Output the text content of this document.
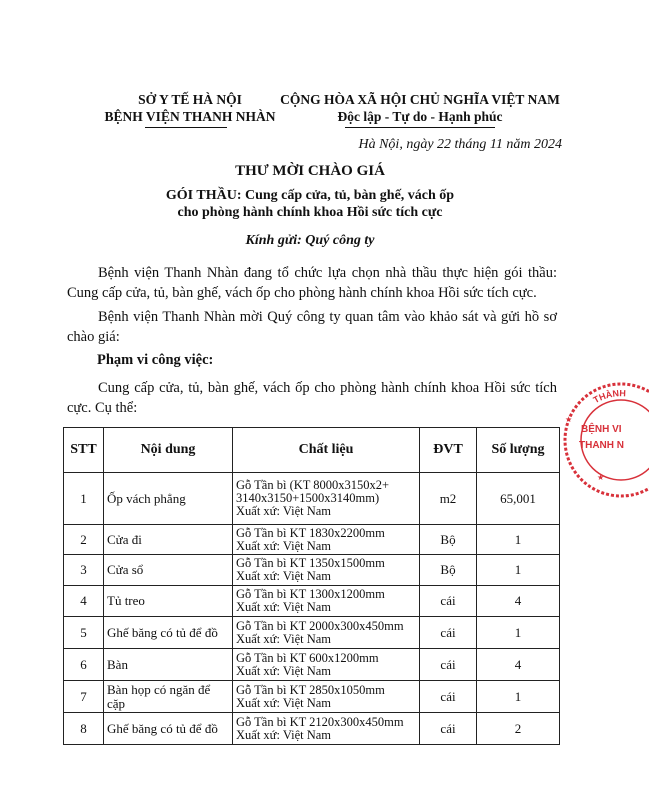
SỞ Y TẾ HÀ NỘI
BỆNH VIỆN THANH NHÀN
CỘNG HÒA XÃ HỘI CHỦ NGHĨA VIỆT NAM
Độc lập - Tự do - Hạnh phúc
Hà Nội, ngày 22 tháng 11 năm 2024
THƯ MỜI CHÀO GIÁ
GÓI THẦU: Cung cấp cửa, tủ, bàn ghế, vách ốp
cho phòng hành chính khoa Hồi sức tích cực
Kính gửi: Quý công ty
Bệnh viện Thanh Nhàn đang tổ chức lựa chọn nhà thầu thực hiện gói thầu: Cung cấp cửa, tủ, bàn ghế, vách ốp cho phòng hành chính khoa Hồi sức tích cực.
Bệnh viện Thanh Nhàn mời Quý công ty quan tâm vào khảo sát và gửi hồ sơ chào giá:
Phạm vi công việc:
Cung cấp cửa, tủ, bàn ghế, vách ốp cho phòng hành chính khoa Hồi sức tích cực. Cụ thể:
STT	Nội dung	Chất liệu	ĐVT	Số lượng
1	Ốp vách phẳng	Gỗ Tần bì (KT 8000x3150x2+
3140x3150+1500x3140mm)
Xuất xứ: Việt Nam	m2	65,001
2	Cửa đi	Gỗ Tần bì KT 1830x2200mm
Xuất xứ: Việt Nam	Bộ	1
3	Cửa sổ	Gỗ Tần bì KT 1350x1500mm
Xuất xứ: Việt Nam	Bộ	1
4	Tủ treo	Gỗ Tần bì KT 1300x1200mm
Xuất xứ: Việt Nam	cái	4
5	Ghế băng có tủ để đồ	Gỗ Tần bì KT 2000x300x450mm
Xuất xứ: Việt Nam	cái	1
6	Bàn	Gỗ Tần bì KT 600x1200mm
Xuất xứ: Việt Nam	cái	4
7	Bàn họp có ngăn để cặp	Gỗ Tần bì KT 2850x1050mm
Xuất xứ: Việt Nam	cái	1
8	Ghế băng có tủ để đồ	Gỗ Tần bì KT 2120x300x450mm
Xuất xứ: Việt Nam	cái	2
THÀNH
BỆNH VI
THANH N
★
★
